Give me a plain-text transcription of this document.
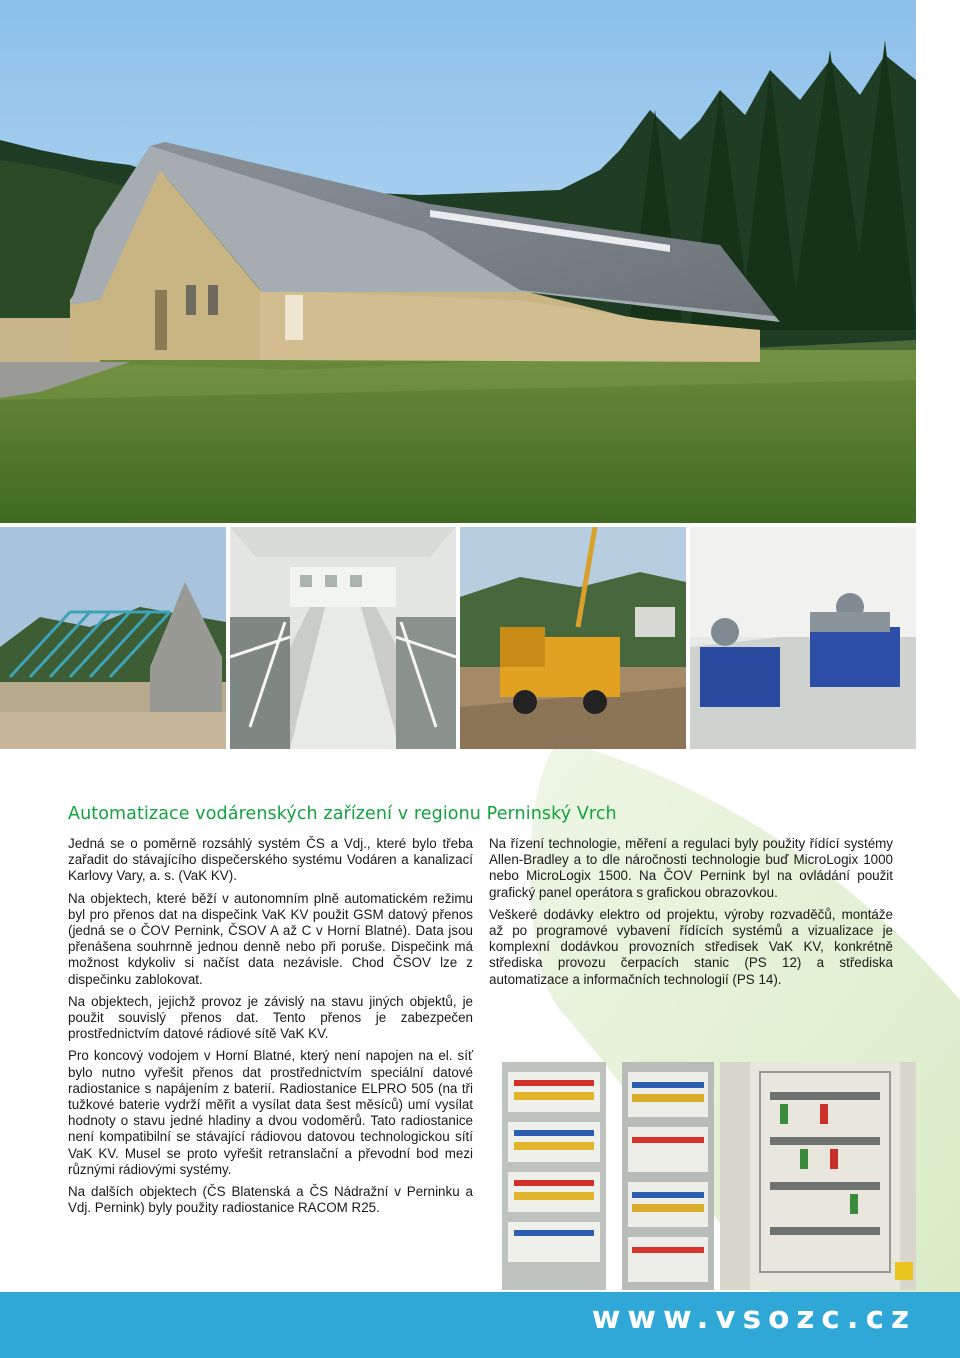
Automatizace vodárenských zařízení v regionu Perninský Vrch

Jedná se o poměrně rozsáhlý systém ČS a Vdj., které bylo třeba zařadit do stávajícího dispečerského systému Vodáren a kanalizací Karlovy Vary, a. s. (VaK KV).

Na objektech, které běží v autonomním plně automatickém režimu byl pro přenos dat na dispečink VaK KV použit GSM datový přenos (jedná se o ČOV Pernink, ČSOV A až C v Horní Blatné). Data jsou přenášena souhrnně jednou denně nebo při poruše. Dispečink má možnost kdykoliv si načíst data nezávisle. Chod ČSOV lze z dispečinku zablokovat.

Na objektech, jejichž provoz je závislý na stavu jiných objektů, je použit souvislý přenos dat. Tento přenos je zabezpečen prostřednictvím datové rádiové sítě VaK KV.

Pro koncový vodojem v Horní Blatné, který není napojen na el. síť bylo nutno vyřešit přenos dat prostřednictvím speciální datové radiostanice s napájením z baterií. Radiostanice ELPRO 505 (na tři tužkové baterie vydrží měřit a vysílat data šest měsíců) umí vysílat hodnoty o stavu jedné hladiny a dvou vodoměrů. Tato radiostanice není kompatibilní se stávající rádiovou datovou technologickou sítí VaK KV. Musel se proto vyřešit retranslační a převodní bod mezi různými rádiovými systémy.

Na dalších objektech (ČS Blatenská a ČS Nádražní v Perninku a Vdj. Pernink) byly použity radiostanice RACOM R25.

Na řízení technologie, měření a regulaci byly použity řídící systémy Allen-Bradley a to dle náročnosti technologie buď MicroLogix 1000 nebo MicroLogix 1500. Na ČOV Pernink byl na ovládání použit grafický panel operátora s grafickou obrazovkou.

Veškeré dodávky elektro od projektu, výroby rozvaděčů, montáže až po programové vybavení řídících systémů a vizualizace je komplexní dodávkou provozních středisek VaK KV, konkrétně střediska provozu čerpacích stanic (PS 12) a střediska automatizace a informačních technologií (PS 14).

www.vsozc.cz
